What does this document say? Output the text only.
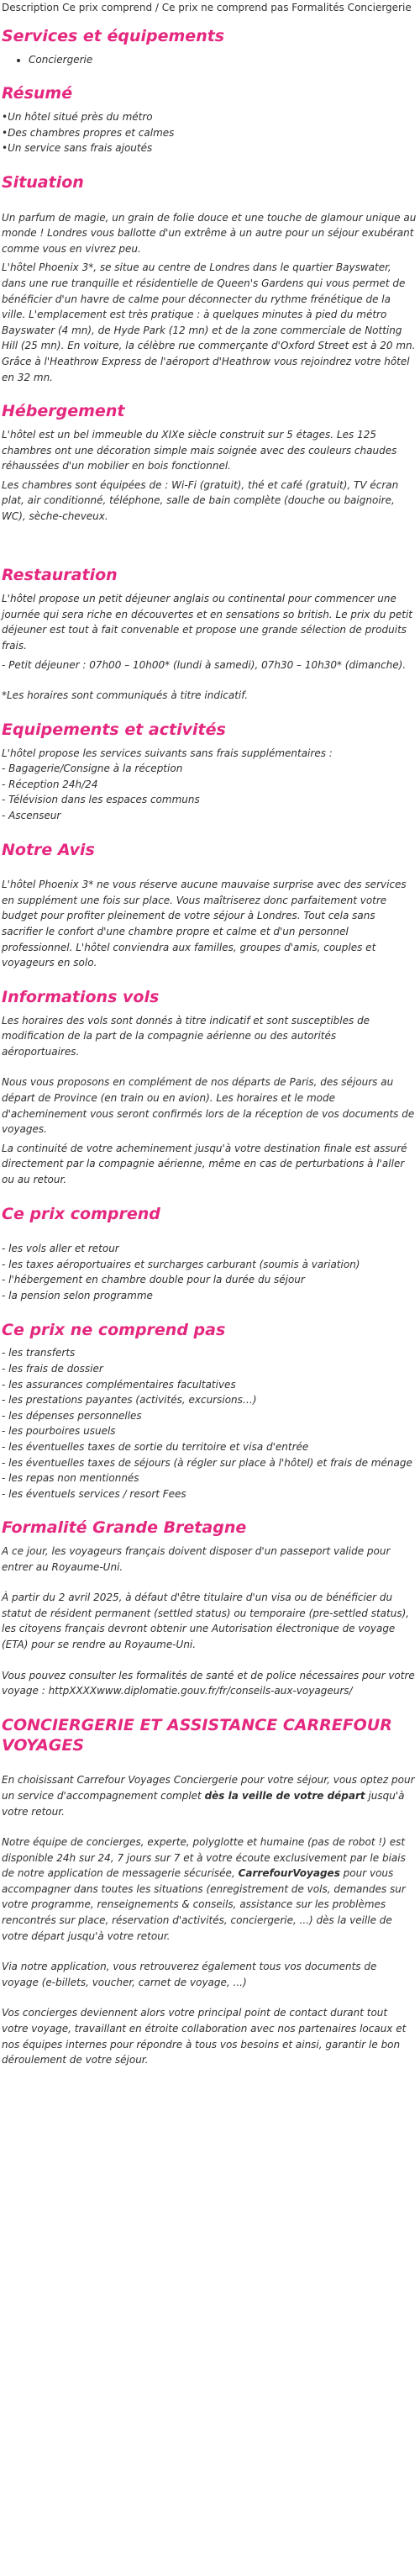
Description Ce prix comprend / Ce prix ne comprend pas Formalités Conciergerie
Services et équipements
• Conciergerie
Résumé
• Un hôtel situé près du métro
• Des chambres propres et calmes
• Un service sans frais ajoutés
Situation

Un parfum de magie, un grain de folie douce et une touche de glamour unique au monde ! Londres vous ballotte d'un extrême à un autre pour un séjour exubérant comme vous en vivrez peu.

L'hôtel Phoenix 3*, se situe au centre de Londres dans le quartier Bayswater, dans une rue tranquille et résidentielle de Queen's Gardens qui vous permet de bénéficier d'un havre de calme pour déconnecter du rythme frénétique de la ville. L'emplacement est très pratique : à quelques minutes à pied du métro Bayswater (4 mn), de Hyde Park (12 mn) et de la zone commerciale de Notting Hill (25 mn). En voiture, la célèbre rue commerçante d'Oxford Street est à 20 mn. Grâce à l'Heathrow Express de l'aéroport d'Heathrow vous rejoindrez votre hôtel en 32 mn.

Hébergement

L'hôtel est un bel immeuble du XIXe siècle construit sur 5 étages. Les 125 chambres ont une décoration simple mais soignée avec des couleurs chaudes réhaussées d'un mobilier en bois fonctionnel.

Les chambres sont équipées de : Wi-Fi (gratuit), thé et café (gratuit), TV écran plat, air conditionné, téléphone, salle de bain complète (douche ou baignoire, WC), sèche-cheveux.

Restauration

L'hôtel propose un petit déjeuner anglais ou continental pour commencer une journée qui sera riche en découvertes et en sensations so british. Le prix du petit déjeuner est tout à fait convenable et propose une grande sélection de produits frais.

- Petit déjeuner : 07h00 – 10h00* (lundi à samedi), 07h30 – 10h30* (dimanche).

*Les horaires sont communiqués à titre indicatif.

Equipements et activités
L'hôtel propose les services suivants sans frais supplémentaires :
- Bagagerie/Consigne à la réception
- Réception 24h/24
- Télévision dans les espaces communs
- Ascenseur
Notre Avis

L'hôtel Phoenix 3* ne vous réserve aucune mauvaise surprise avec des services en supplément une fois sur place. Vous maîtriserez donc parfaitement votre budget pour profiter pleinement de votre séjour à Londres. Tout cela sans sacrifier le confort d'une chambre propre et calme et d'un personnel professionnel. L'hôtel conviendra aux familles, groupes d'amis, couples et voyageurs en solo.

Informations vols

Les horaires des vols sont donnés à titre indicatif et sont susceptibles de modification de la part de la compagnie aérienne ou des autorités aéroportuaires.

Nous vous proposons en complément de nos départs de Paris, des séjours au départ de Province (en train ou en avion). Les horaires et le mode d'acheminement vous seront confirmés lors de la réception de vos documents de voyages.

La continuité de votre acheminement jusqu'à votre destination finale est assuré directement par la compagnie aérienne, même en cas de perturbations à l'aller ou au retour.

Ce prix comprend
- les vols aller et retour
- les taxes aéroportuaires et surcharges carburant (soumis à variation)
- l'hébergement en chambre double pour la durée du séjour
- la pension selon programme
Ce prix ne comprend pas
- les transferts
- les frais de dossier
- les assurances complémentaires facultatives
- les prestations payantes (activités, excursions…)
- les dépenses personnelles
- les pourboires usuels
- les éventuelles taxes de sortie du territoire et visa d'entrée
- les éventuelles taxes de séjours (à régler sur place à l'hôtel) et frais de ménage
- les repas non mentionnés
- les éventuels services / resort Fees
Formalité Grande Bretagne

A ce jour, les voyageurs français doivent disposer d'un passeport valide pour entrer au Royaume-Uni.

À partir du 2 avril 2025, à défaut d'être titulaire d'un visa ou de bénéficier du statut de résident permanent (settled status) ou temporaire (pre-settled status), les citoyens français devront obtenir une Autorisation électronique de voyage (ETA) pour se rendre au Royaume-Uni.

Vous pouvez consulter les formalités de santé et de police nécessaires pour votre voyage : httpXXXXwww.diplomatie.gouv.fr/fr/conseils-aux-voyageurs/

CONCIERGERIE ET ASSISTANCE CARREFOUR VOYAGES

En choisissant Carrefour Voyages Conciergerie pour votre séjour, vous optez pour un service d'accompagnement complet dès la veille de votre départ jusqu'à votre retour.

Notre équipe de concierges, experte, polyglotte et humaine (pas de robot !) est disponible 24h sur 24, 7 jours sur 7 et à votre écoute exclusivement par le biais de notre application de messagerie sécurisée, CarrefourVoyages pour vous accompagner dans toutes les situations (enregistrement de vols, demandes sur votre programme, renseignements & conseils, assistance sur les problèmes rencontrés sur place, réservation d'activités, conciergerie, ...) dès la veille de votre départ jusqu'à votre retour.

Via notre application, vous retrouverez également tous vos documents de voyage (e-billets, voucher, carnet de voyage, ...)

Vos concierges deviennent alors votre principal point de contact durant tout votre voyage, travaillant en étroite collaboration avec nos partenaires locaux et nos équipes internes pour répondre à tous vos besoins et ainsi, garantir le bon déroulement de votre séjour.
